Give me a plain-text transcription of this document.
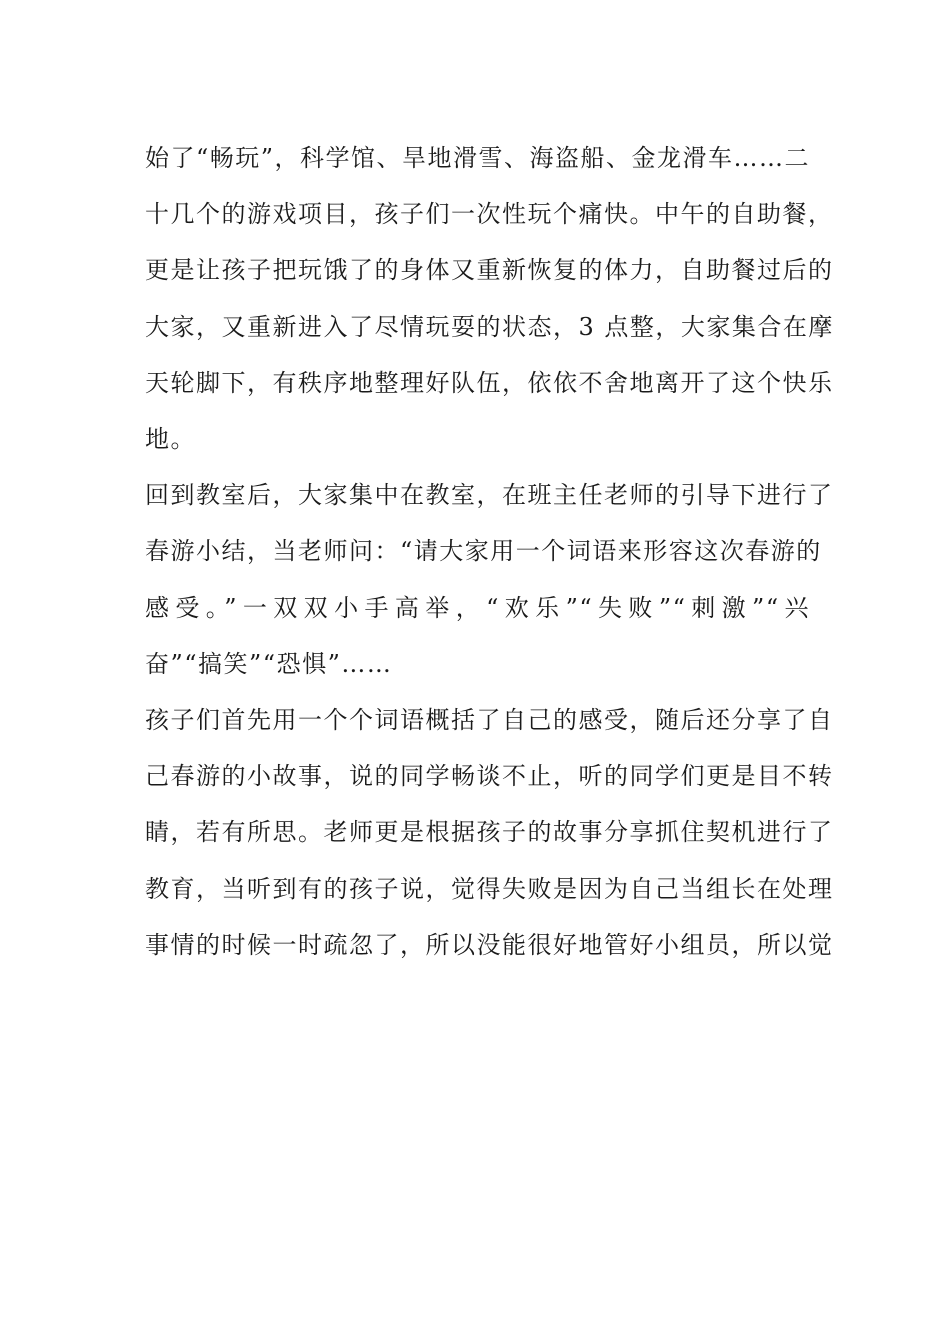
始了“畅玩”，科学馆、旱地滑雪、海盗船、金龙滑车……二
十几个的游戏项目，孩子们一次性玩个痛快。中午的自助餐，
更是让孩子把玩饿了的身体又重新恢复的体力，自助餐过后的
大家，又重新进入了尽情玩耍的状态，3 点整，大家集合在摩
天轮脚下，有秩序地整理好队伍，依依不舍地离开了这个快乐
地。
回到教室后，大家集中在教室，在班主任老师的引导下进行了
春游小结，当老师问：“请大家用一个词语来形容这次春游的
感受。”一双双小手高举，“欢乐”“失败”“刺激”“兴
奋”“搞笑”“恐惧”……
孩子们首先用一个个词语概括了自己的感受，随后还分享了自
己春游的小故事，说的同学畅谈不止，听的同学们更是目不转
睛，若有所思。老师更是根据孩子的故事分享抓住契机进行了
教育，当听到有的孩子说，觉得失败是因为自己当组长在处理
事情的时候一时疏忽了，所以没能很好地管好小组员，所以觉
